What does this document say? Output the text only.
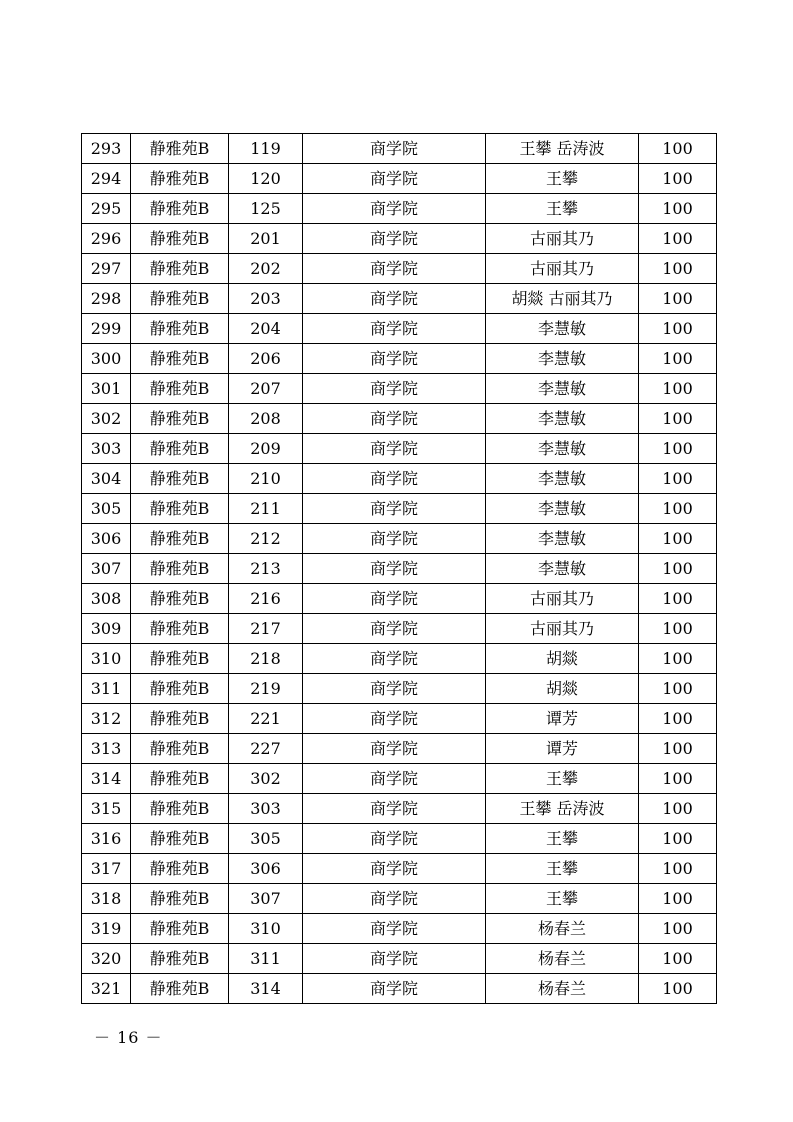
293	静雅苑B	119	商学院	王攀 岳涛波	100
294	静雅苑B	120	商学院	王攀	100
295	静雅苑B	125	商学院	王攀	100
296	静雅苑B	201	商学院	古丽其乃	100
297	静雅苑B	202	商学院	古丽其乃	100
298	静雅苑B	203	商学院	胡燚 古丽其乃	100
299	静雅苑B	204	商学院	李慧敏	100
300	静雅苑B	206	商学院	李慧敏	100
301	静雅苑B	207	商学院	李慧敏	100
302	静雅苑B	208	商学院	李慧敏	100
303	静雅苑B	209	商学院	李慧敏	100
304	静雅苑B	210	商学院	李慧敏	100
305	静雅苑B	211	商学院	李慧敏	100
306	静雅苑B	212	商学院	李慧敏	100
307	静雅苑B	213	商学院	李慧敏	100
308	静雅苑B	216	商学院	古丽其乃	100
309	静雅苑B	217	商学院	古丽其乃	100
310	静雅苑B	218	商学院	胡燚	100
311	静雅苑B	219	商学院	胡燚	100
312	静雅苑B	221	商学院	谭芳	100
313	静雅苑B	227	商学院	谭芳	100
314	静雅苑B	302	商学院	王攀	100
315	静雅苑B	303	商学院	王攀 岳涛波	100
316	静雅苑B	305	商学院	王攀	100
317	静雅苑B	306	商学院	王攀	100
318	静雅苑B	307	商学院	王攀	100
319	静雅苑B	310	商学院	杨春兰	100
320	静雅苑B	311	商学院	杨春兰	100
321	静雅苑B	314	商学院	杨春兰	100
－ 16 －
